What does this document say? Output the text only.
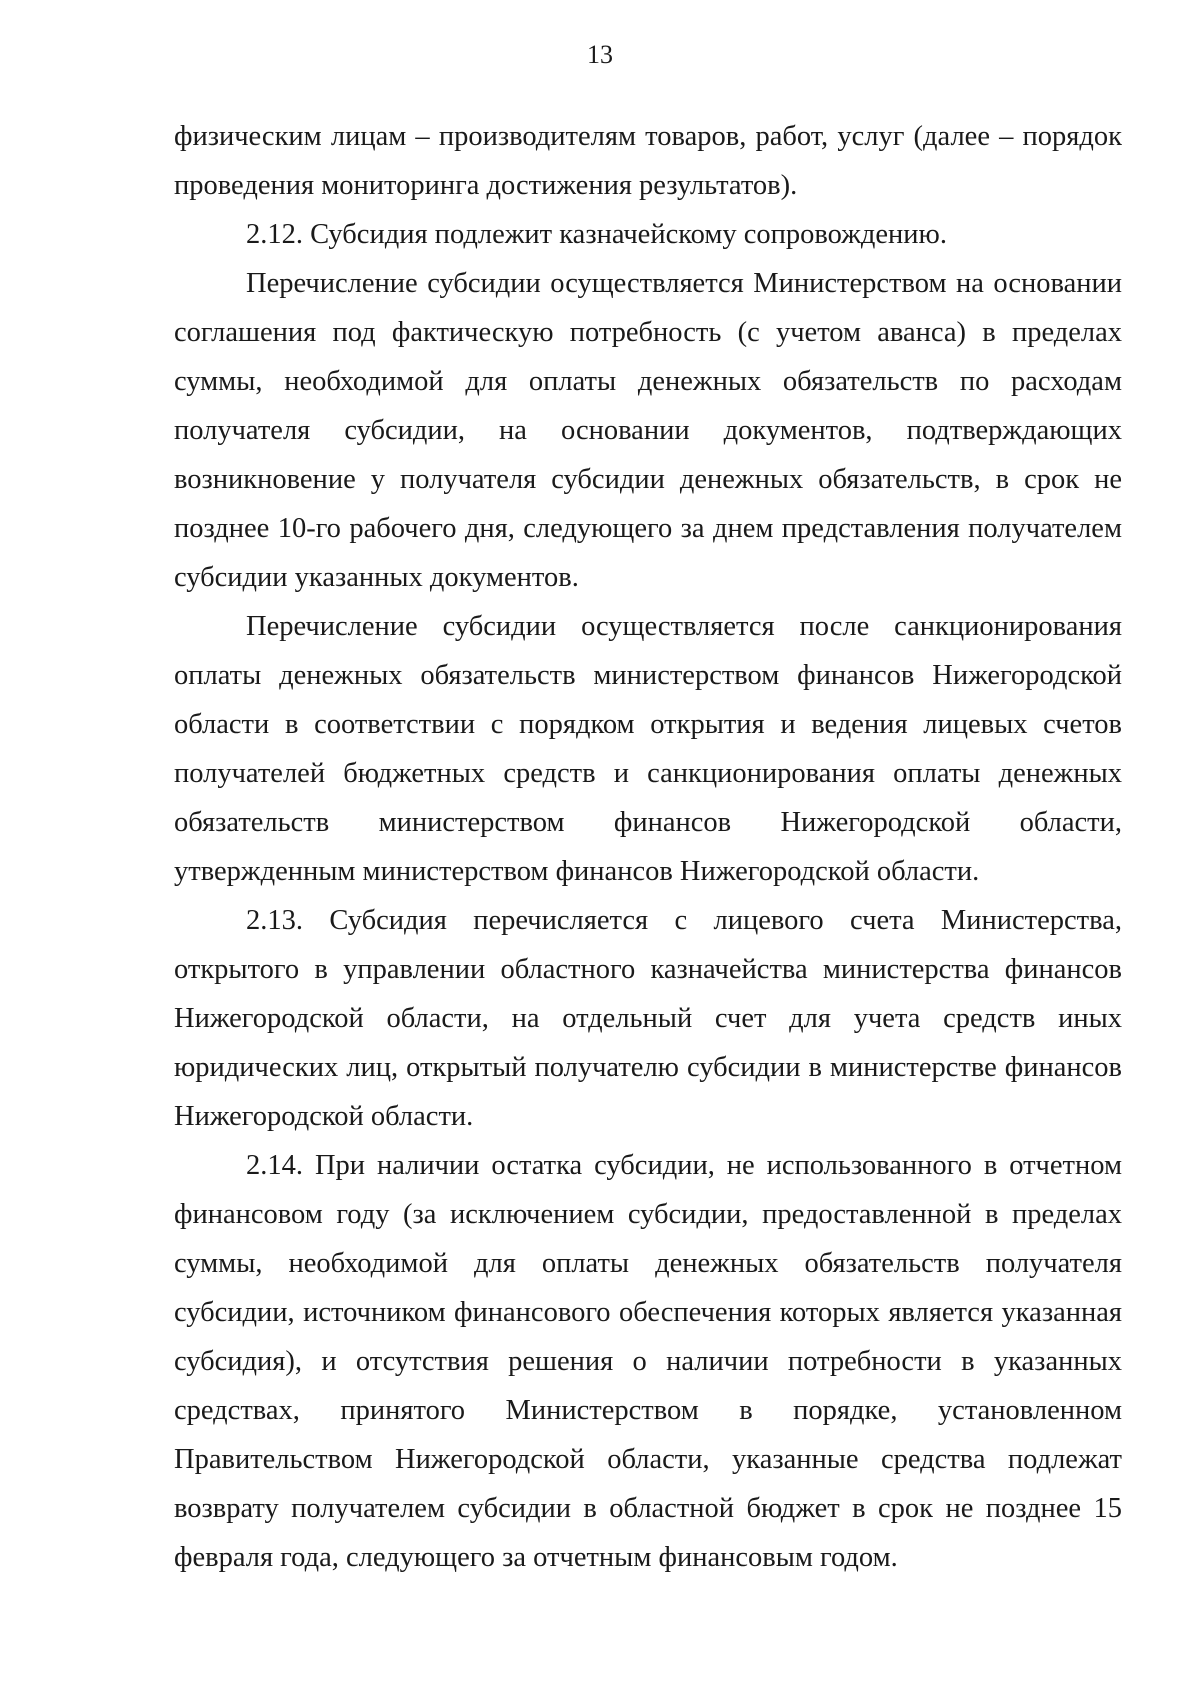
13

физическим лицам – производителям товаров, работ, услуг (далее – порядок проведения мониторинга достижения результатов).

2.12. Субсидия подлежит казначейскому сопровождению.

Перечисление субсидии осуществляется Министерством на основании соглашения под фактическую потребность (с учетом аванса) в пределах суммы, необходимой для оплаты денежных обязательств по расходам получателя субсидии, на основании документов, подтверждающих возникновение у получателя субсидии денежных обязательств, в срок не позднее 10-го рабочего дня, следующего за днем представления получателем субсидии указанных документов.

Перечисление субсидии осуществляется после санкционирования оплаты денежных обязательств министерством финансов Нижегородской области в соответствии с порядком открытия и ведения лицевых счетов получателей бюджетных средств и санкционирования оплаты денежных обязательств министерством финансов Нижегородской области, утвержденным министерством финансов Нижегородской области.

2.13. Субсидия перечисляется с лицевого счета Министерства, открытого в управлении областного казначейства министерства финансов Нижегородской области, на отдельный счет для учета средств иных юридических лиц, открытый получателю субсидии в министерстве финансов Нижегородской области.

2.14. При наличии остатка субсидии, не использованного в отчетном финансовом году (за исключением субсидии, предоставленной в пределах суммы, необходимой для оплаты денежных обязательств получателя субсидии, источником финансового обеспечения которых является указанная субсидия), и отсутствия решения о наличии потребности в указанных средствах, принятого Министерством в порядке, установленном Правительством Нижегородской области, указанные средства подлежат возврату получателем субсидии в областной бюджет в срок не позднее 15 февраля года, следующего за отчетным финансовым годом.
